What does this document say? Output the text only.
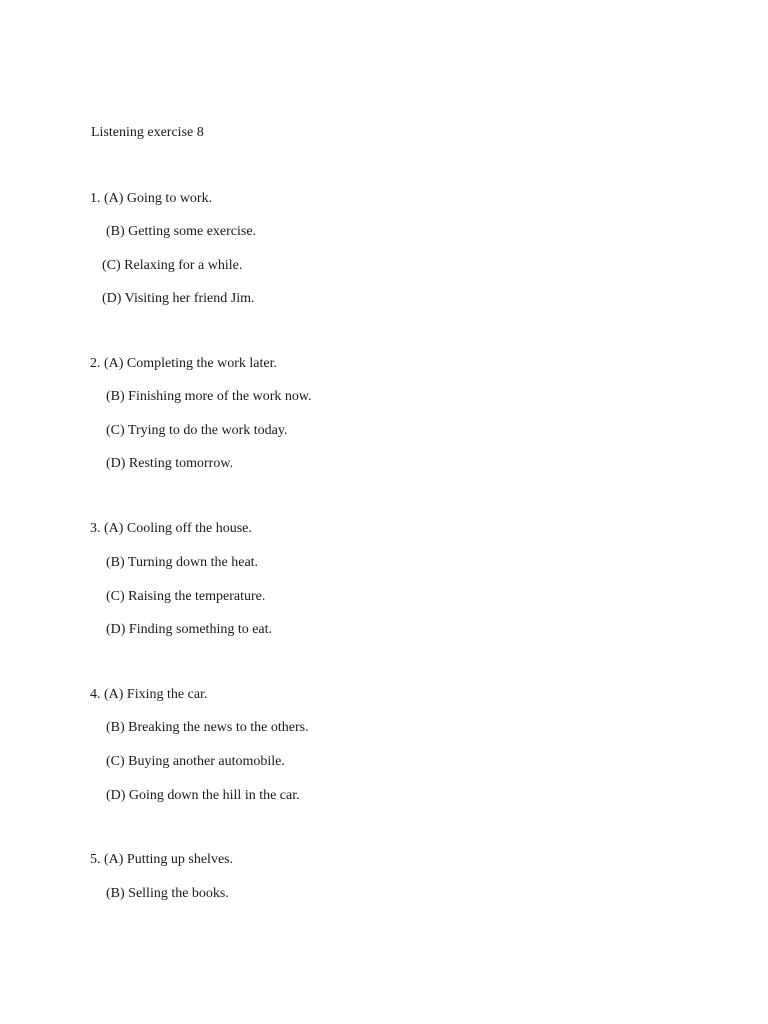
Listening exercise 8
1. (A) Going to work.
(B) Getting some exercise.
(C) Relaxing for a while.
(D) Visiting her friend Jim.
2. (A) Completing the work later.
(B) Finishing more of the work now.
(C) Trying to do the work today.
(D) Resting tomorrow.
3. (A) Cooling off the house.
(B) Turning down the heat.
(C) Raising the temperature.
(D) Finding something to eat.
4. (A) Fixing the car.
(B) Breaking the news to the others.
(C) Buying another automobile.
(D) Going down the hill in the car.
5. (A) Putting up shelves.
(B) Selling the books.
